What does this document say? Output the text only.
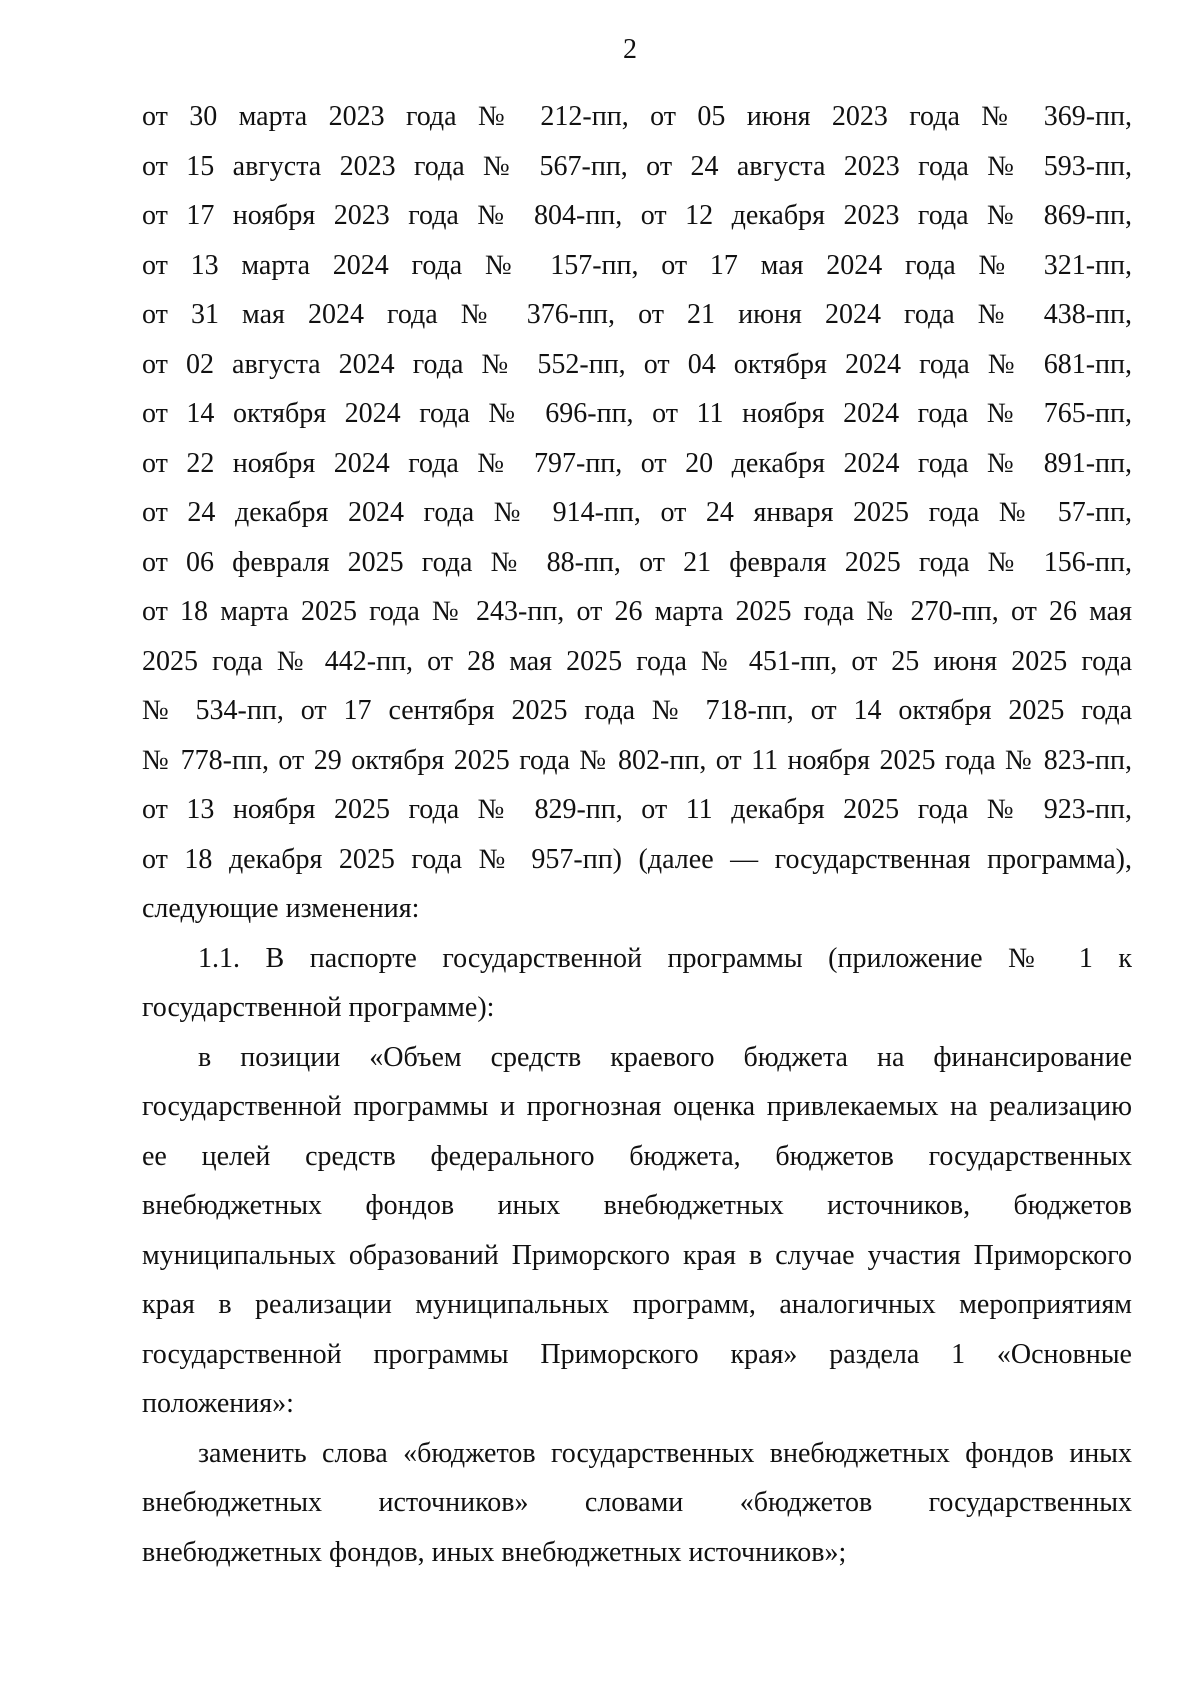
2

от 30 марта 2023 года № 212-пп, от 05 июня 2023 года № 369-пп,
от 15 августа 2023 года № 567-пп, от 24 августа 2023 года № 593-пп,
от 17 ноября 2023 года № 804-пп, от 12 декабря 2023 года № 869-пп,
от 13 марта 2024 года № 157-пп, от 17 мая 2024 года № 321-пп,
от 31 мая 2024 года № 376-пп, от 21 июня 2024 года № 438-пп,
от 02 августа 2024 года № 552-пп, от 04 октября 2024 года № 681-пп,
от 14 октября 2024 года № 696-пп, от 11 ноября 2024 года № 765-пп,
от 22 ноября 2024 года № 797-пп, от 20 декабря 2024 года № 891-пп,
от 24 декабря 2024 года № 914-пп, от 24 января 2025 года № 57-пп,
от 06 февраля 2025 года № 88-пп, от 21 февраля 2025 года № 156-пп,
от 18 марта 2025 года № 243-пп, от 26 марта 2025 года № 270-пп, от 26 мая
2025 года № 442-пп, от 28 мая 2025 года № 451-пп, от 25 июня 2025 года
№ 534-пп, от 17 сентября 2025 года № 718-пп, от 14 октября 2025 года
№ 778-пп, от 29 октября 2025 года № 802-пп, от 11 ноября 2025 года № 823-пп,
от 13 ноября 2025 года № 829-пп, от 11 декабря 2025 года № 923-пп,
от 18 декабря 2025 года № 957-пп) (далее — государственная программа),
следующие изменения:

1.1. В паспорте государственной программы (приложение № 1 к
государственной программе):

в позиции «Объем средств краевого бюджета на финансирование
государственной программы и прогнозная оценка привлекаемых на реализацию
ее целей средств федерального бюджета, бюджетов государственных
внебюджетных фондов иных внебюджетных источников, бюджетов
муниципальных образований Приморского края в случае участия Приморского
края в реализации муниципальных программ, аналогичных мероприятиям
государственной программы Приморского края» раздела 1 «Основные
положения»:

заменить слова «бюджетов государственных внебюджетных фондов иных
внебюджетных источников» словами «бюджетов государственных
внебюджетных фондов, иных внебюджетных источников»;
